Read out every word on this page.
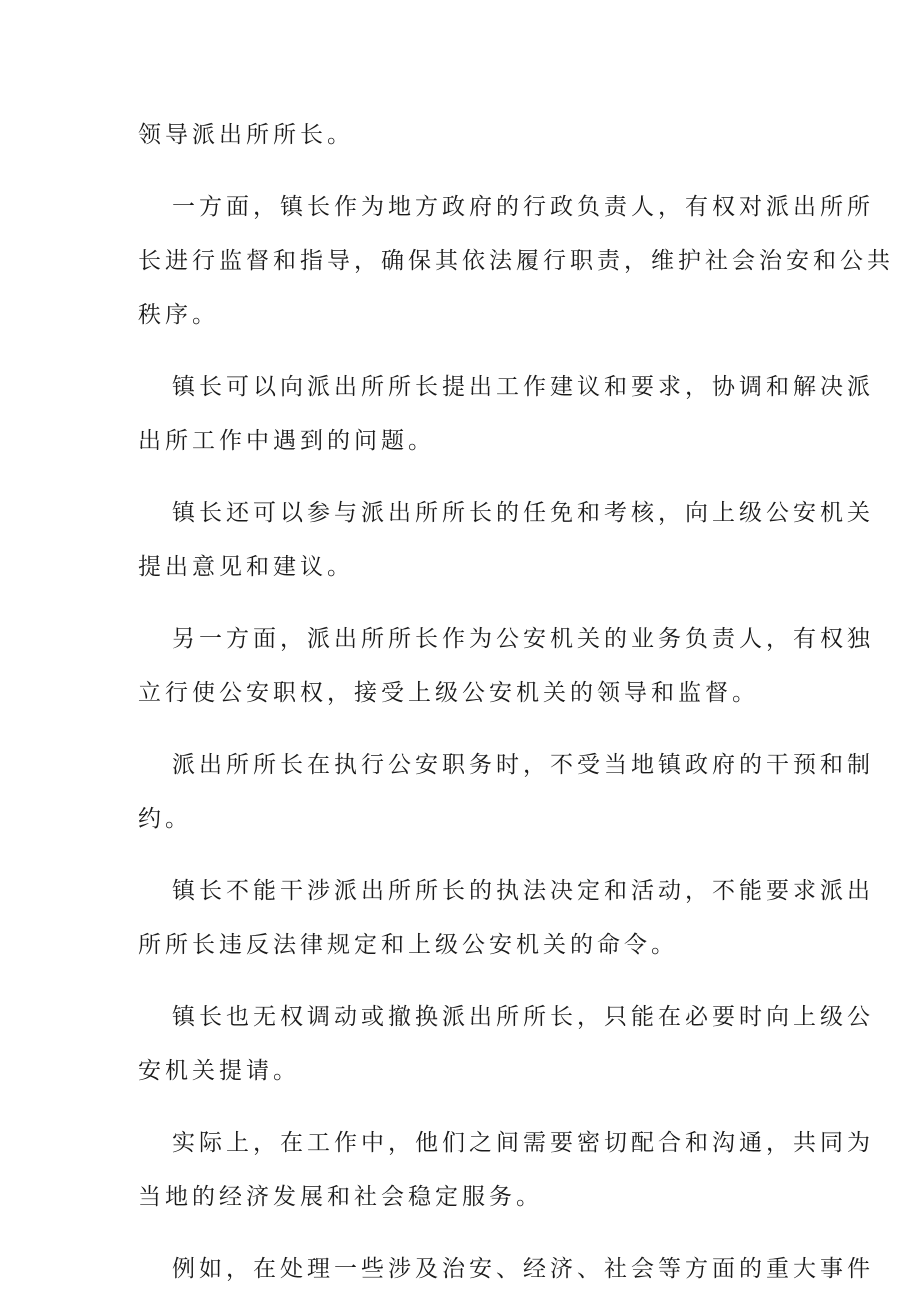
领导派出所所长。

一方面，镇长作为地方政府的行政负责人，有权对派出所所
长进行监督和指导，确保其依法履行职责，维护社会治安和公共
秩序。

镇长可以向派出所所长提出工作建议和要求，协调和解决派
出所工作中遇到的问题。

镇长还可以参与派出所所长的任免和考核，向上级公安机关
提出意见和建议。

另一方面，派出所所长作为公安机关的业务负责人，有权独
立行使公安职权，接受上级公安机关的领导和监督。

派出所所长在执行公安职务时，不受当地镇政府的干预和制
约。

镇长不能干涉派出所所长的执法决定和活动，不能要求派出
所所长违反法律规定和上级公安机关的命令。

镇长也无权调动或撤换派出所所长，只能在必要时向上级公
安机关提请。

实际上，在工作中，他们之间需要密切配合和沟通，共同为
当地的经济发展和社会稳定服务。

例如，在处理一些涉及治安、经济、社会等方面的重大事件
